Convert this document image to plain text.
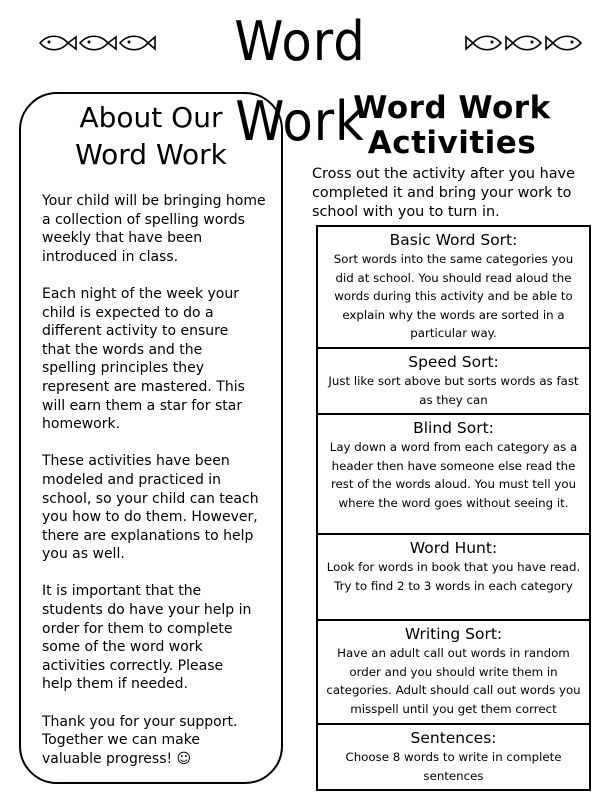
Word Work
About Our
Word Work
Your child will be bringing home
a collection of spelling words
weekly that have been
introduced in class.

Each night of the week your
child is expected to do a
different activity to ensure
that the words and the
spelling principles they
represent are mastered. This
will earn them a star for star
homework.

These activities have been
modeled and practiced in
school, so your child can teach
you how to do them. However,
there are explanations to help
you as well.

It is important that the
students do have your help in
order for them to complete
some of the word work
activities correctly. Please
help them if needed.

Thank you for your support.
Together we can make
valuable progress! ☺
Word Work
Activities
Cross out the activity after you have
completed it and bring your work to
school with you to turn in.
Basic Word Sort:
Sort words into the same categories you did at school. You should read aloud the words during this activity and be able to explain why the words are sorted in a particular way.
Speed Sort:
Just like sort above but sorts words as fast as they can
Blind Sort:
Lay down a word from each category as a header then have someone else read the rest of the words aloud. You must tell you where the word goes without seeing it.
Word Hunt:
Look for words in book that you have read. Try to find 2 to 3 words in each category
Writing Sort:
Have an adult call out words in random order and you should write them in categories. Adult should call out words you misspell until you get them correct
Sentences:
Choose 8 words to write in complete sentences
